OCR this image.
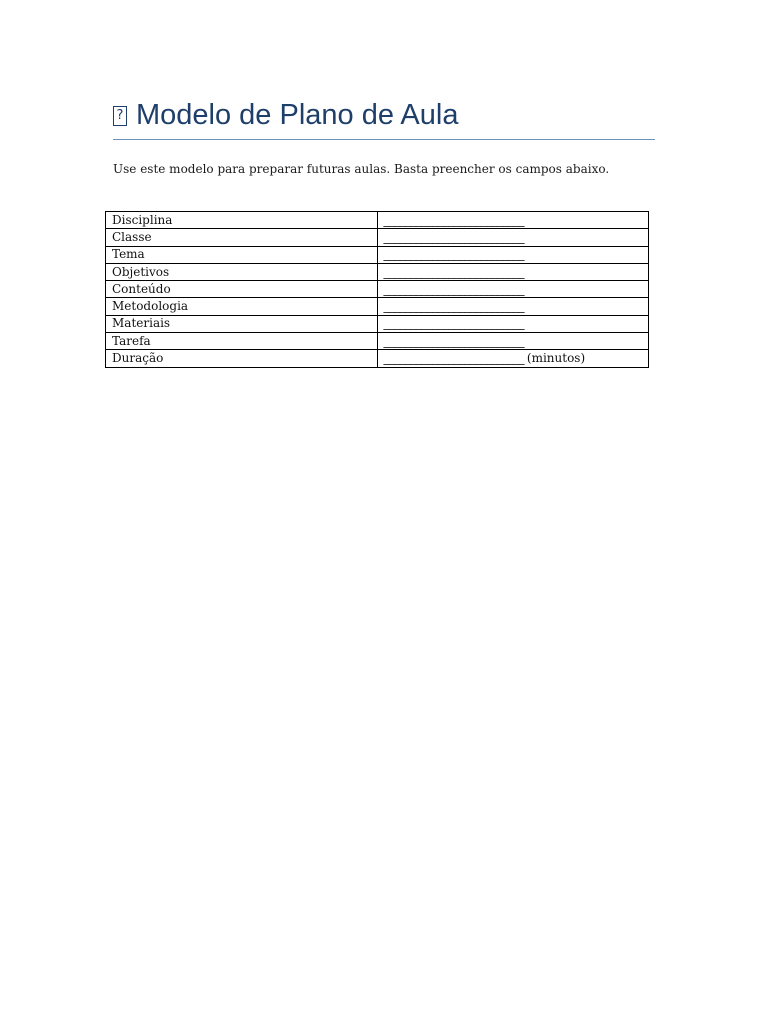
?
Modelo de Plano de Aula

Use este modelo para preparar futuras aulas. Basta preencher os campos abaixo.

Disciplina	__________________________
Classe	__________________________
Tema	__________________________
Objetivos	__________________________
Conteúdo	__________________________
Metodologia	__________________________
Materiais	__________________________
Tarefa	__________________________
Duração	__________________________ (minutos)
